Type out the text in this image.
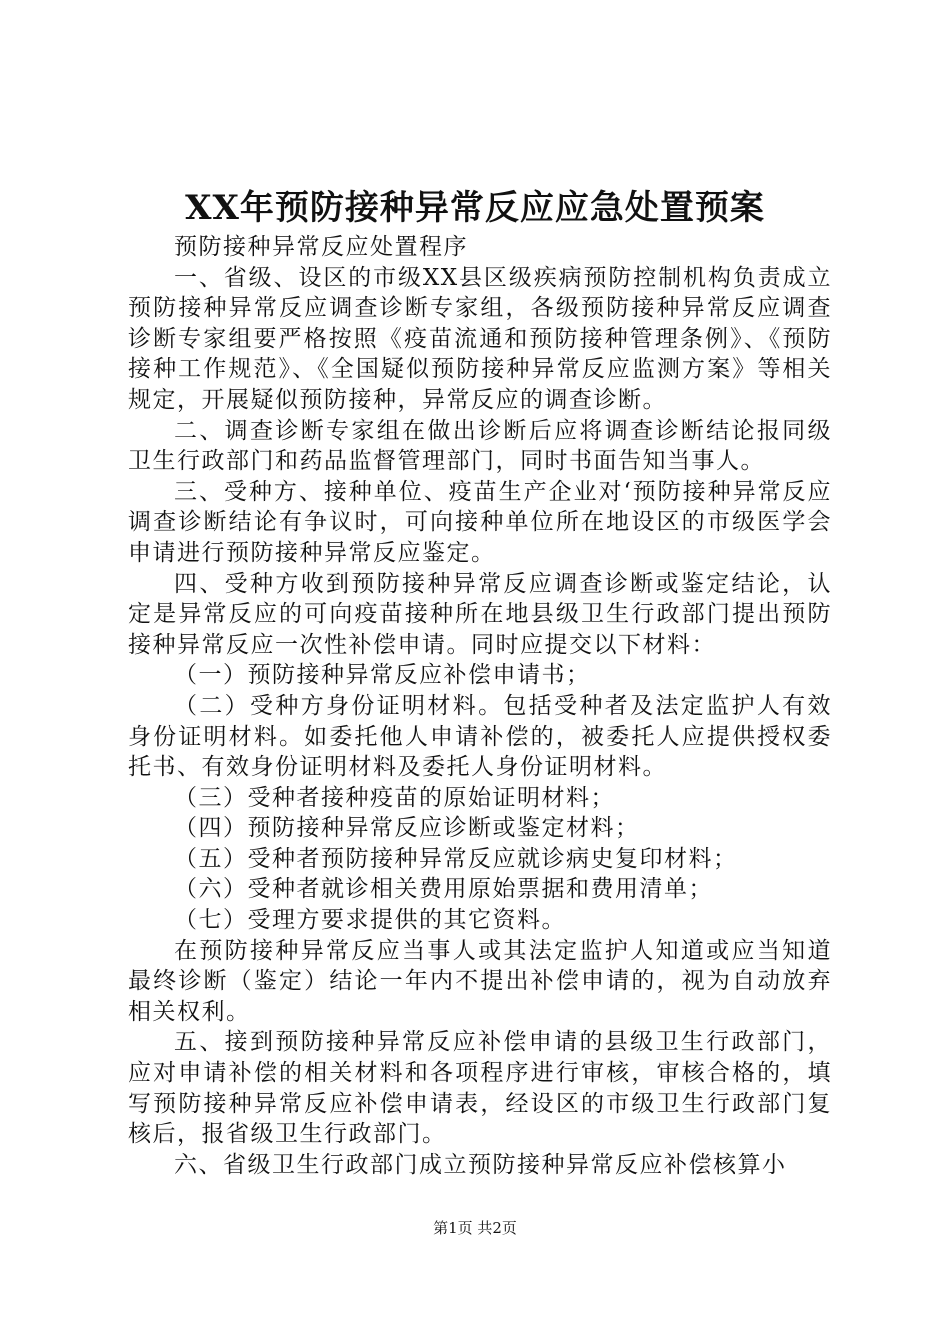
XX年预防接种异常反应应急处置预案

预防接种异常反应处置程序

一、省级、设区的市级XX县区级疾病预防控制机构负责成立预防接种异常反应调查诊断专家组，各级预防接种异常反应调查诊断专家组要严格按照《疫苗流通和预防接种管理条例》、《预防接种工作规范》、《全国疑似预防接种异常反应监测方案》等相关规定，开展疑似预防接种，异常反应的调查诊断。

二、调查诊断专家组在做出诊断后应将调查诊断结论报同级卫生行政部门和药品监督管理部门，同时书面告知当事人。

三、受种方、接种单位、疫苗生产企业对‘预防接种异常反应调查诊断结论有争议时，可向接种单位所在地设区的市级医学会申请进行预防接种异常反应鉴定。

四、受种方收到预防接种异常反应调查诊断或鉴定结论，认定是异常反应的可向疫苗接种所在地县级卫生行政部门提出预防接种异常反应一次性补偿申请。同时应提交以下材料：

（一）预防接种异常反应补偿申请书；

（二）受种方身份证明材料。包括受种者及法定监护人有效身份证明材料。如委托他人申请补偿的，被委托人应提供授权委托书、有效身份证明材料及委托人身份证明材料。

（三）受种者接种疫苗的原始证明材料；

（四）预防接种异常反应诊断或鉴定材料；

（五）受种者预防接种异常反应就诊病史复印材料；

（六）受种者就诊相关费用原始票据和费用清单；

（七）受理方要求提供的其它资料。

在预防接种异常反应当事人或其法定监护人知道或应当知道最终诊断（鉴定）结论一年内不提出补偿申请的，视为自动放弃相关权利。

五、接到预防接种异常反应补偿申请的县级卫生行政部门，应对申请补偿的相关材料和各项程序进行审核，审核合格的，填写预防接种异常反应补偿申请表，经设区的市级卫生行政部门复核后，报省级卫生行政部门。

六、省级卫生行政部门成立预防接种异常反应补偿核算小

第1页 共2页
